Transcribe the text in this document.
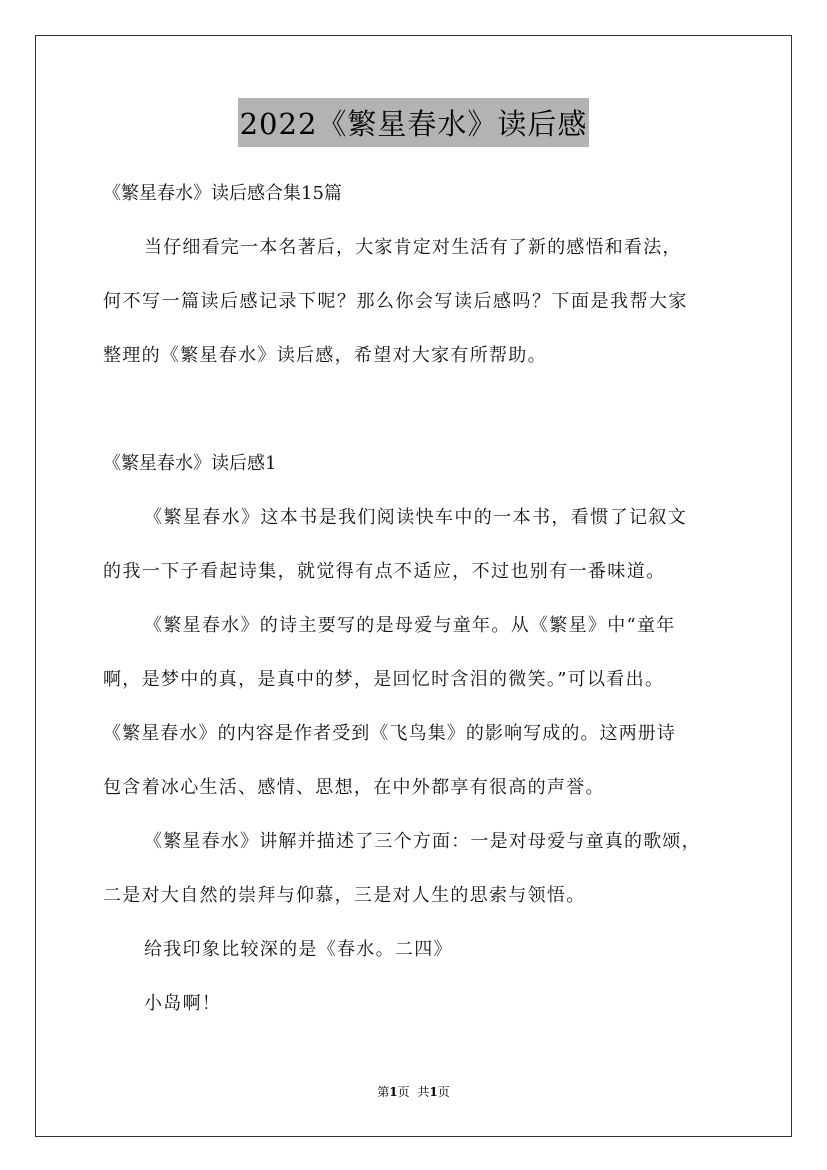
2022《繁星春水》读后感
《繁星春水》读后感合集15篇
当仔细看完一本名著后，大家肯定对生活有了新的感悟和看法，
何不写一篇读后感记录下呢？那么你会写读后感吗？下面是我帮大家
整理的《繁星春水》读后感，希望对大家有所帮助。
《繁星春水》读后感1
《繁星春水》这本书是我们阅读快车中的一本书，看惯了记叙文
的我一下子看起诗集，就觉得有点不适应，不过也别有一番味道。
《繁星春水》的诗主要写的是母爱与童年。从《繁星》中“童年
啊，是梦中的真，是真中的梦，是回忆时含泪的微笑。”可以看出。
《繁星春水》的内容是作者受到《飞鸟集》的影响写成的。这两册诗
包含着冰心生活、感情、思想，在中外都享有很高的声誉。
《繁星春水》讲解并描述了三个方面：一是对母爱与童真的歌颂，
二是对大自然的崇拜与仰慕，三是对人生的思索与领悟。
给我印象比较深的是《春水。二四》
小岛啊！
第1页 共1页
